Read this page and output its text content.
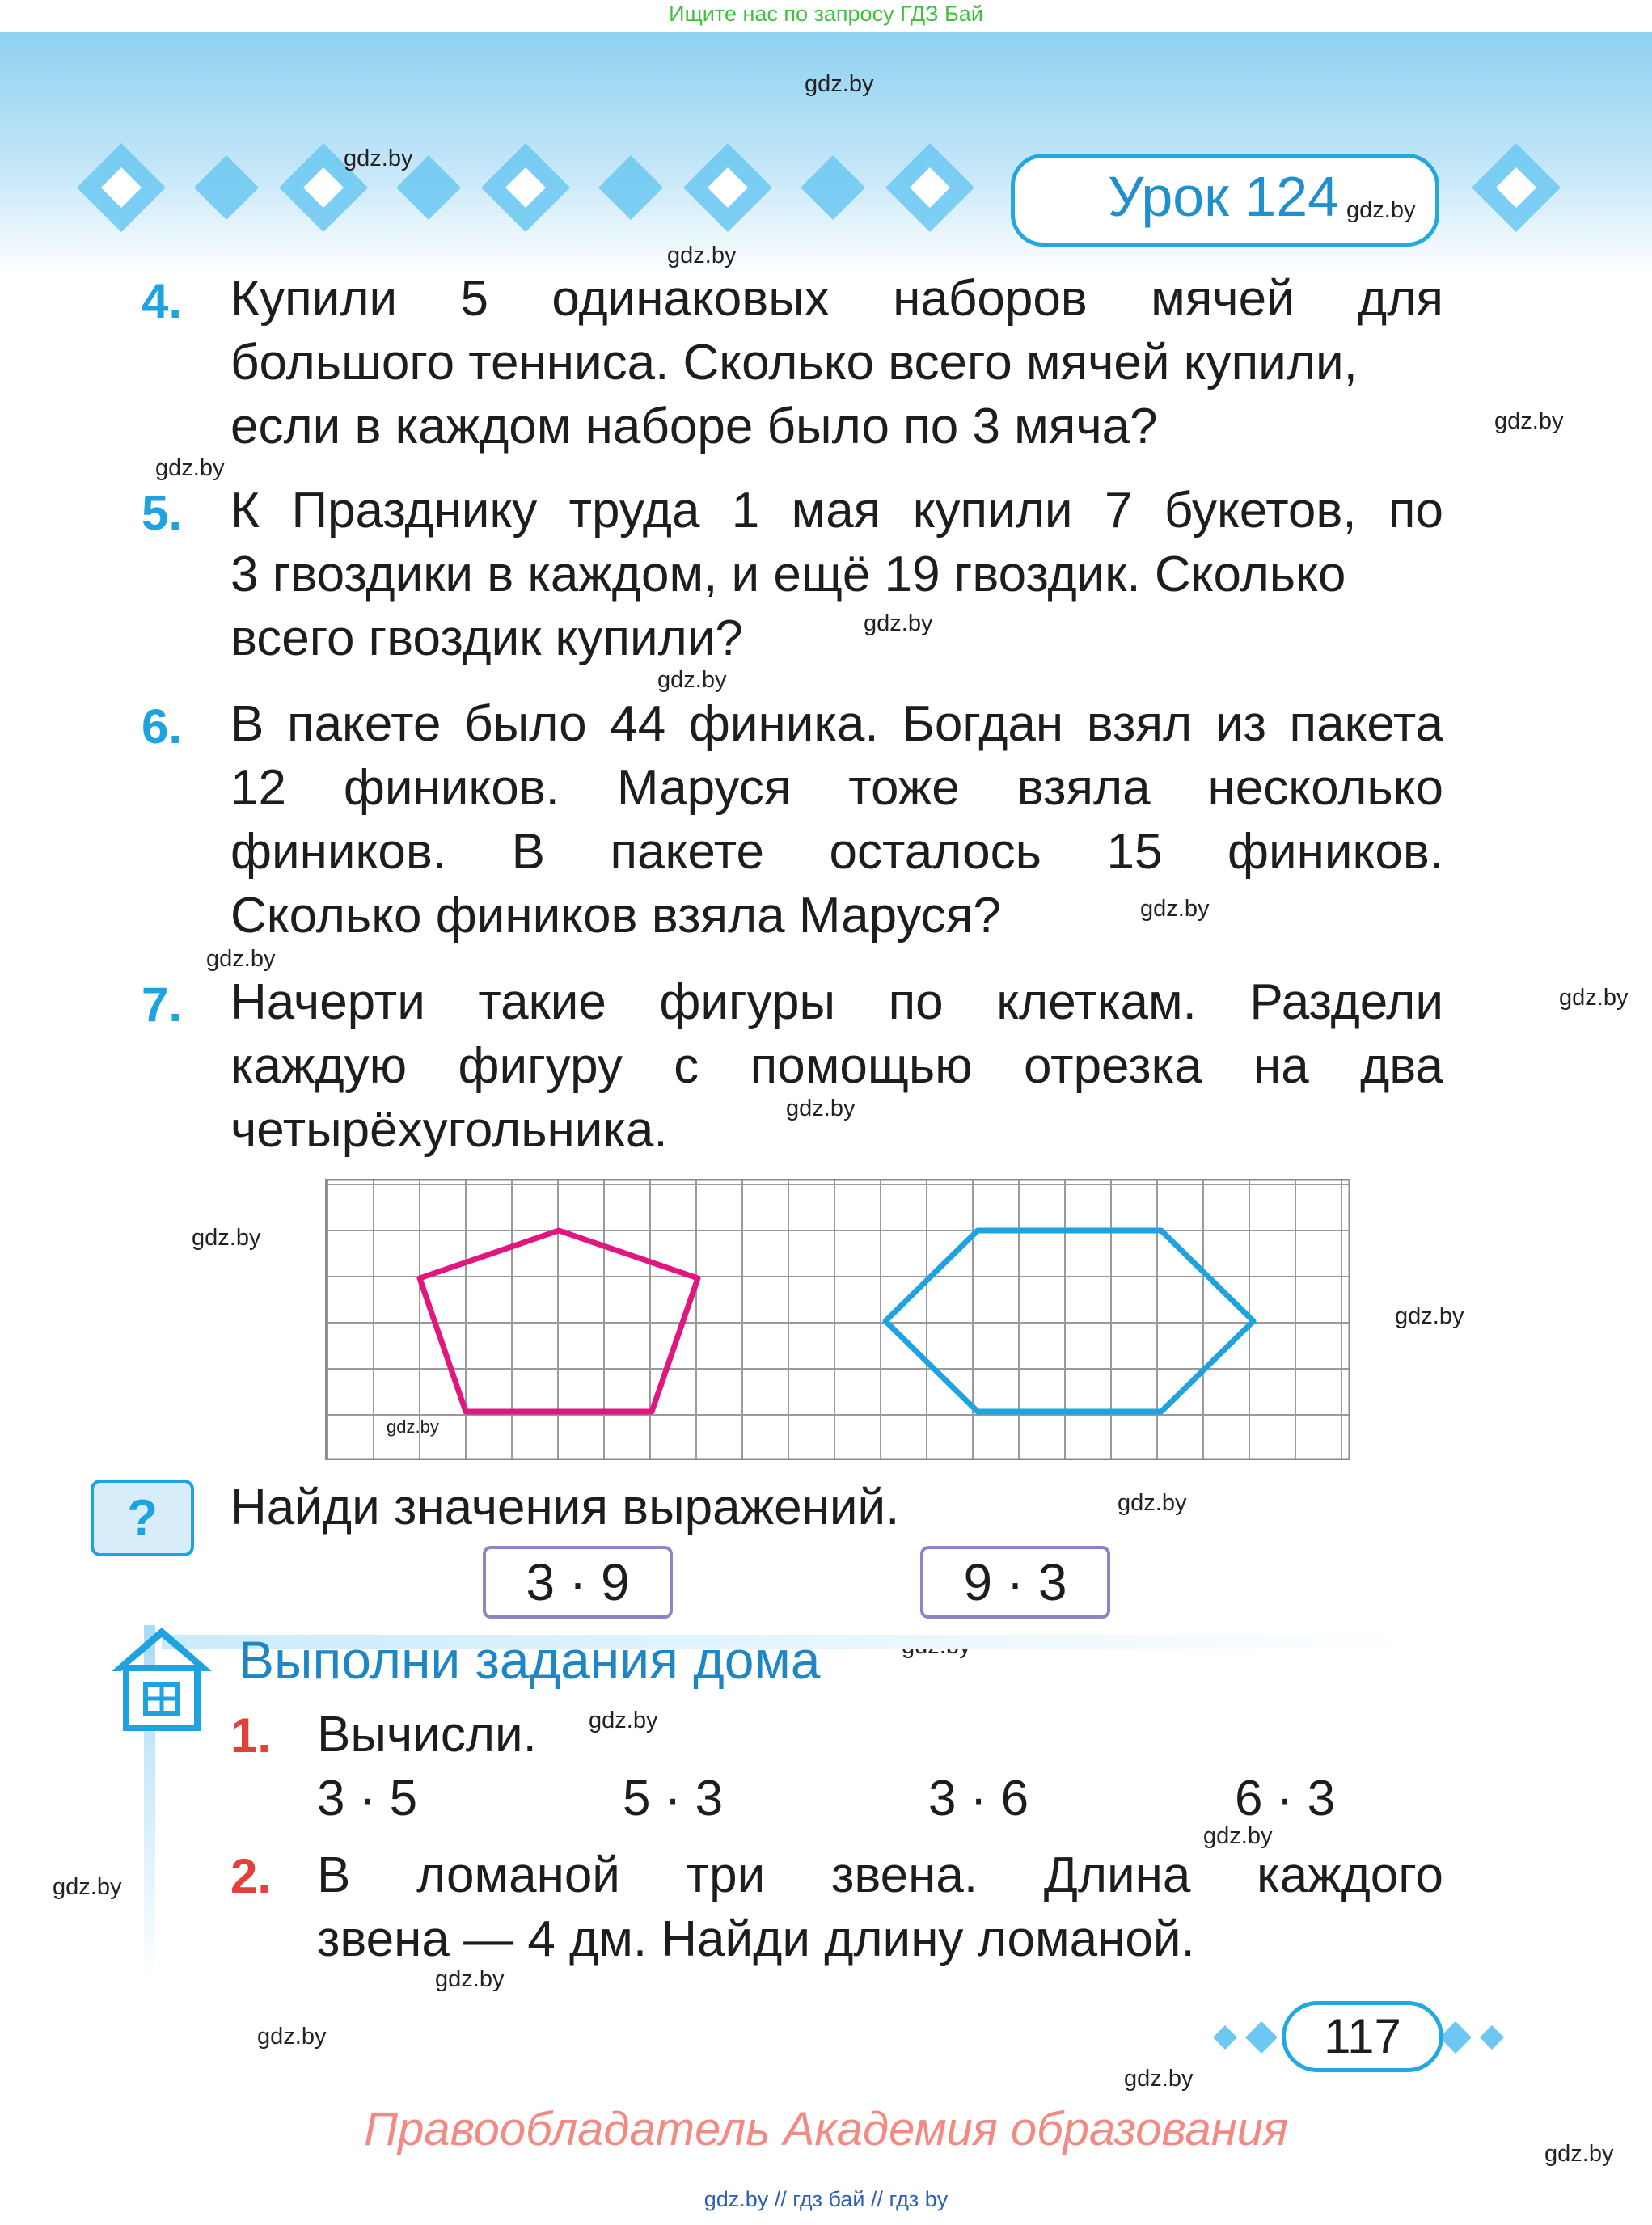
Ищите нас по запросу ГДЗ Бай
Урок 124
gdz.by
gdz.by
gdz.by
gdz.by
gdz.by
gdz.by
gdz.by
gdz.by
gdz.by
gdz.by
gdz.by
gdz.by
gdz.by
gdz.by
gdz.by
gdz.by
gdz.by
gdz.by
gdz.by
gdz.by
gdz.by
gdz.by
gdz.by
4. Купили 5 одинаковых наборов мячей для
большого тенниса. Сколько всего мячей купили,
если в каждом наборе было по 3 мяча?
5. К Празднику труда 1 мая купили 7 букетов, по
3 гвоздики в каждом, и ещё 19 гвоздик. Сколько
всего гвоздик купили?
6. В пакете было 44 финика. Богдан взял из пакета
12 фиников. Маруся тоже взяла несколько
фиников. В пакете осталось 15 фиников.
Сколько фиников взяла Маруся?
7. Начерти такие фигуры по клеткам. Раздели
каждую фигуру с помощью отрезка на два
четырёхугольника.
?	Найди значения выражений.
3 · 9	9 · 3
Выполни задания дома
1. Вычисли.
3 · 5	5 · 3	3 · 6	6 · 3
2. В ломаной три звена. Длина каждого
звена — 4 дм. Найди длину ломаной.
117
Правообладатель Академия образования
gdz.by // гдз бай // гдз by
